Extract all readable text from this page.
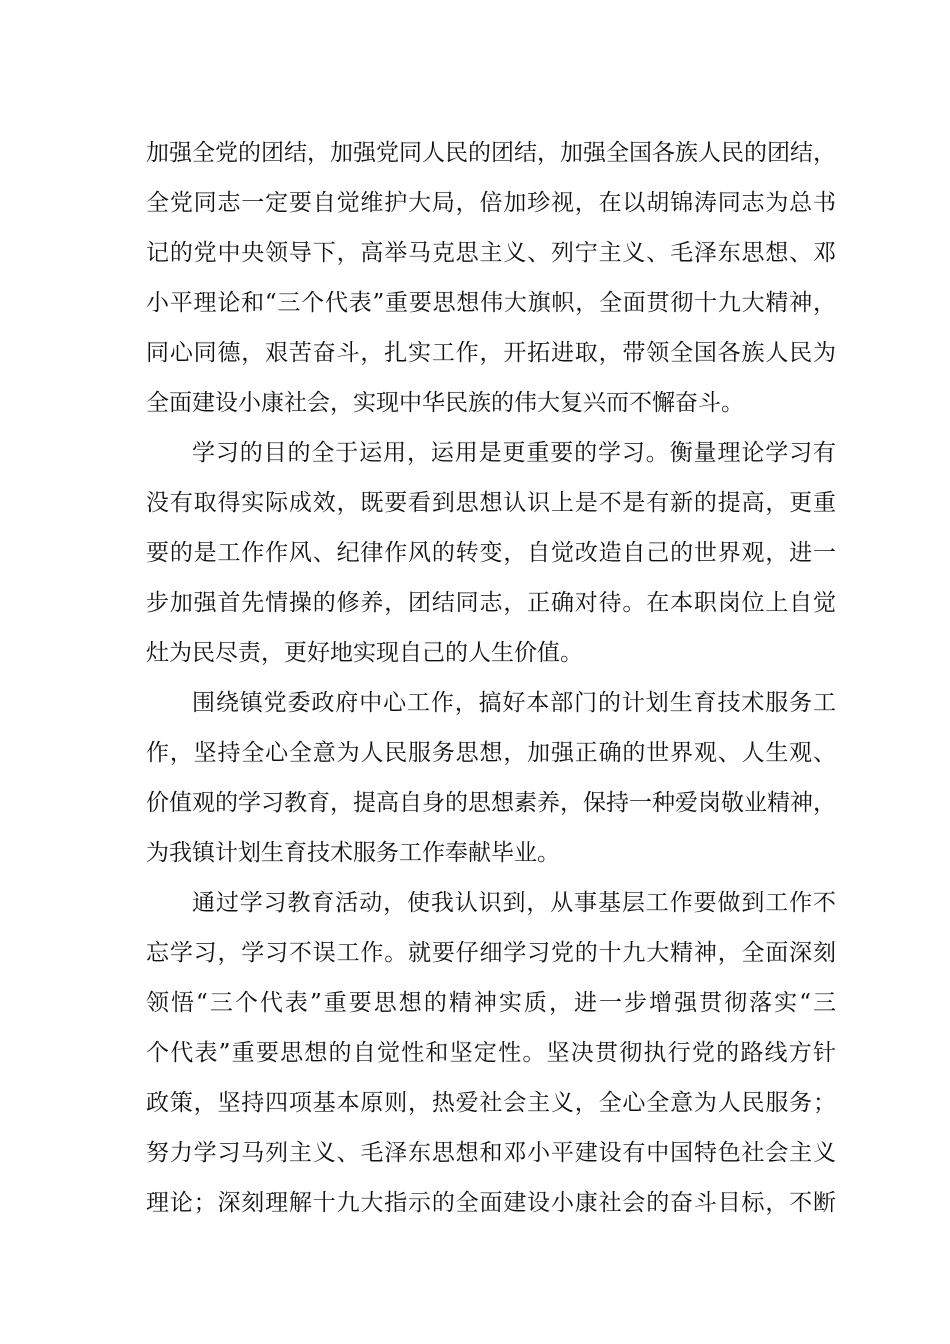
加强全党的团结，加强党同人民的团结，加强全国各族人民的团结，
全党同志一定要自觉维护大局，倍加珍视，在以胡锦涛同志为总书
记的党中央领导下，高举马克思主义、列宁主义、毛泽东思想、邓
小平理论和“三个代表”重要思想伟大旗帜，全面贯彻十九大精神，
同心同德，艰苦奋斗，扎实工作，开拓进取，带领全国各族人民为
全面建设小康社会，实现中华民族的伟大复兴而不懈奋斗。
学习的目的全于运用，运用是更重要的学习。衡量理论学习有
没有取得实际成效，既要看到思想认识上是不是有新的提高，更重
要的是工作作风、纪律作风的转变，自觉改造自己的世界观，进一
步加强首先情操的修养，团结同志，正确对待。在本职岗位上自觉
灶为民尽责，更好地实现自己的人生价值。
围绕镇党委政府中心工作，搞好本部门的计划生育技术服务工
作，坚持全心全意为人民服务思想，加强正确的世界观、人生观、
价值观的学习教育，提高自身的思想素养，保持一种爱岗敬业精神，
为我镇计划生育技术服务工作奉献毕业。
通过学习教育活动，使我认识到，从事基层工作要做到工作不
忘学习，学习不误工作。就要仔细学习党的十九大精神，全面深刻
领悟“三个代表”重要思想的精神实质，进一步增强贯彻落实“三
个代表”重要思想的自觉性和坚定性。坚决贯彻执行党的路线方针
政策，坚持四项基本原则，热爱社会主义，全心全意为人民服务；
努力学习马列主义、毛泽东思想和邓小平建设有中国特色社会主义
理论；深刻理解十九大指示的全面建设小康社会的奋斗目标，不断
